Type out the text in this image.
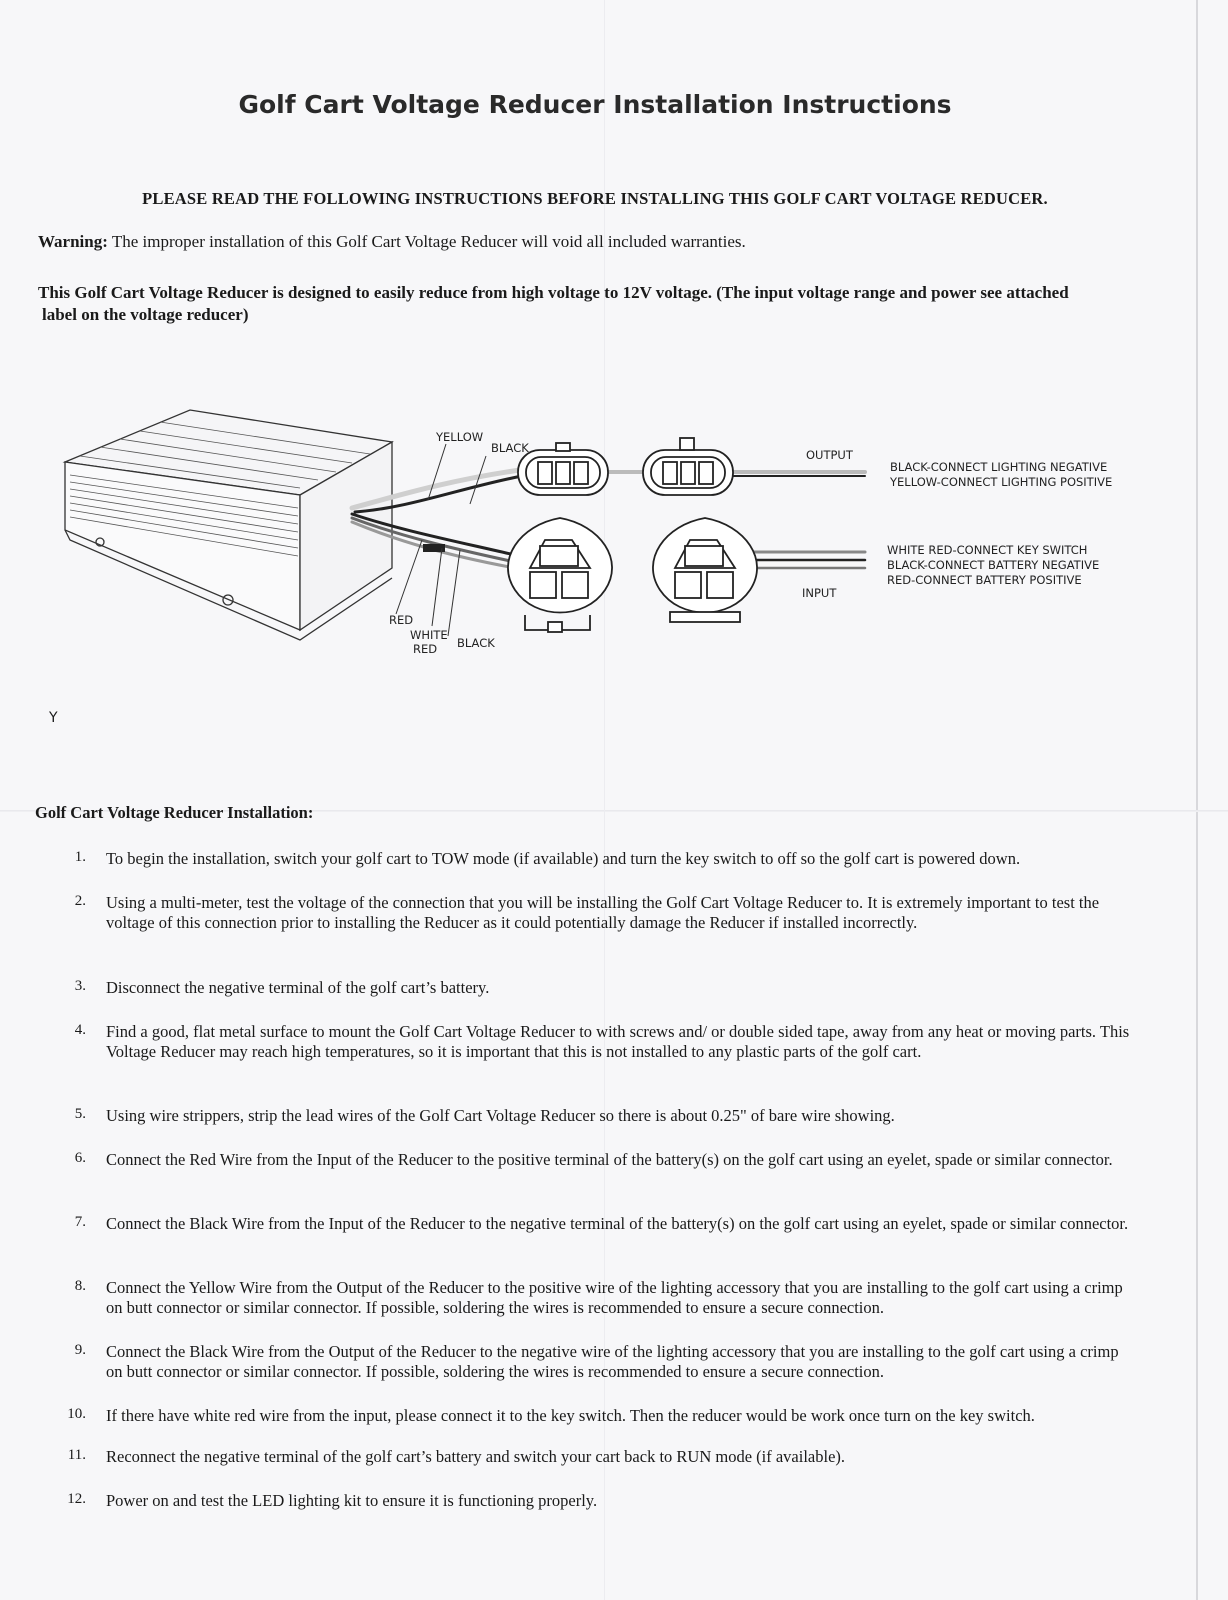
Golf Cart Voltage Reducer Installation Instructions
PLEASE READ THE FOLLOWING INSTRUCTIONS BEFORE INSTALLING THIS GOLF CART VOLTAGE REDUCER.
Warning: The improper installation of this Golf Cart Voltage Reducer will void all included warranties.
This Golf Cart Voltage Reducer is designed to easily reduce from high voltage to 12V voltage. (The input voltage range and power see attached
label on the voltage reducer)
YELLOW
BLACK	OUTPUT
INPUT
RED
WHITE
RED BLACK
BLACK-CONNECT LIGHTING NEGATIVE
YELLOW-CONNECT LIGHTING POSITIVE
WHITE RED-CONNECT KEY SWITCH
BLACK-CONNECT BATTERY NEGATIVE
RED-CONNECT BATTERY POSITIVE
Y
Golf Cart Voltage Reducer Installation:
1. To begin the installation, switch your golf cart to TOW mode (if available) and turn the key switch to off so the golf cart is powered down.
2. Using a multi-meter, test the voltage of the connection that you will be installing the Golf Cart Voltage Reducer to. It is extremely important to test the voltage of this connection prior to installing the Reducer as it could potentially damage the Reducer if installed incorrectly.
3. Disconnect the negative terminal of the golf cart’s battery.
4. Find a good, flat metal surface to mount the Golf Cart Voltage Reducer to with screws and/ or double sided tape, away from any heat or moving parts. This Voltage Reducer may reach high temperatures, so it is important that this is not installed to any plastic parts of the golf cart.
5. Using wire strippers, strip the lead wires of the Golf Cart Voltage Reducer so there is about 0.25" of bare wire showing.
6. Connect the Red Wire from the Input of the Reducer to the positive terminal of the battery(s) on the golf cart using an eyelet, spade or similar connector.
7. Connect the Black Wire from the Input of the Reducer to the negative terminal of the battery(s) on the golf cart using an eyelet, spade or similar connector.
8. Connect the Yellow Wire from the Output of the Reducer to the positive wire of the lighting accessory that you are installing to the golf cart using a crimp on butt connector or similar connector. If possible, soldering the wires is recommended to ensure a secure connection.
9. Connect the Black Wire from the Output of the Reducer to the negative wire of the lighting accessory that you are installing to the golf cart using a crimp on butt connector or similar connector. If possible, soldering the wires is recommended to ensure a secure connection.
10. If there have white red wire from the input, please connect it to the key switch. Then the reducer would be work once turn on the key switch.
11. Reconnect the negative terminal of the golf cart’s battery and switch your cart back to RUN mode (if available).
12. Power on and test the LED lighting kit to ensure it is functioning properly.
